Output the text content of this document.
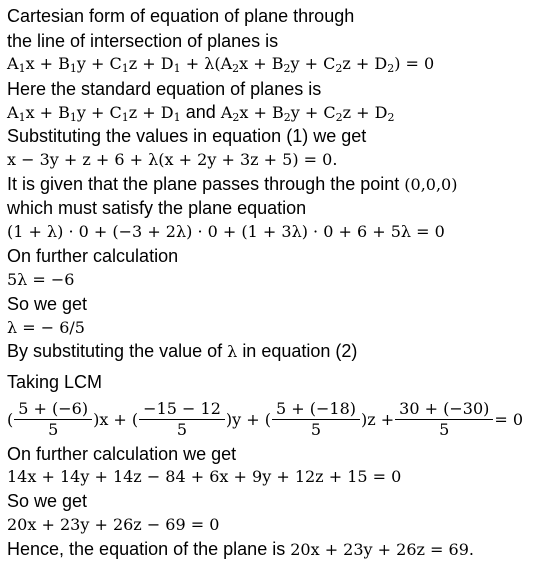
Cartesian form of equation of plane through
the line of intersection of planes is
$A_1x + B_1y + C_1z + D_1 + \lambda(A_2x + B_2y + C_2z + D_2) = 0$
Here the standard equation of planes is
$A_1x + B_1y + C_1z + D_1$ and $A_2x + B_2y + C_2z + D_2$
Substituting the values in equation (1) we get
x − 3y + z + 6 + λ(x + 2y + 3z + 5) = 0.
It is given that the plane passes through the point (0,0,0)
which must satisfy the plane equation
(1 + λ) · 0 + (−3 + 2λ) · 0 + (1 + 3λ) · 0 + 6 + 5λ = 0
On further calculation
5λ = −6
So we get
λ = − 6/5
By substituting the value of λ in equation (2)
Taking LCM
( $\frac{5 + (-6)}{5} )x$ + ( $\frac{-15 - 12}{5} )y$ + ( $\frac{5 + (-18)}{5} )z + \frac{30 + (-30)}{5} = 0$
On further calculation we get
14x + 14y + 14z − 84 + 6x + 9y + 12z + 15 = 0
So we get
20x + 23y + 26z − 69 = 0
Hence, the equation of the plane is 20x + 23y + 26z = 69.
